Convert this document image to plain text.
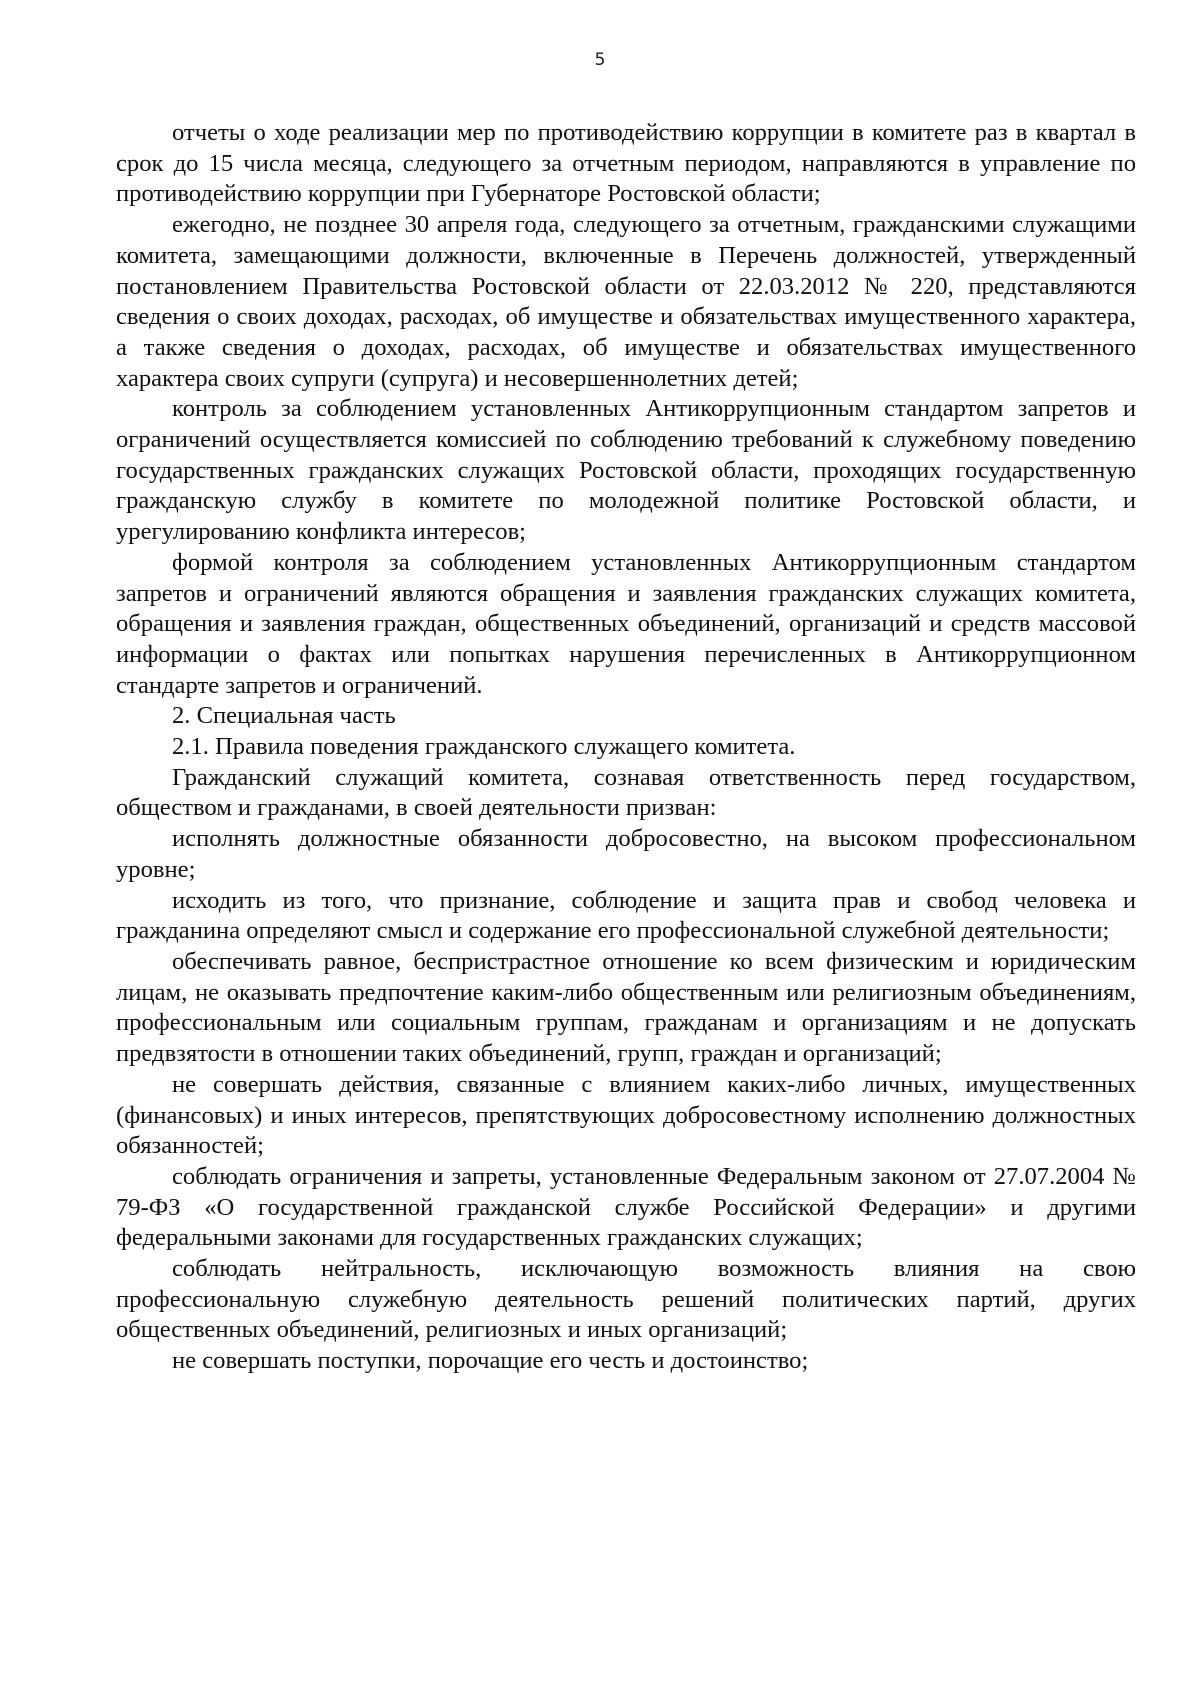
5

отчеты о ходе реализации мер по противодействию коррупции в комитете раз в квартал в срок до 15 числа месяца, следующего за отчетным периодом, направляются в управление по противодействию коррупции при Губернаторе Ростовской области;

ежегодно, не позднее 30 апреля года, следующего за отчетным, гражданскими служащими комитета, замещающими должности, включенные в Перечень должностей, утвержденный постановлением Правительства Ростовской области от 22.03.2012 № 220, представляются сведения о своих доходах, расходах, об имуществе и обязательствах имущественного характера, а также сведения о доходах, расходах, об имуществе и обязательствах имущественного характера своих супруги (супруга) и несовершеннолетних детей;

контроль за соблюдением установленных Антикоррупционным стандартом запретов и ограничений осуществляется комиссией по соблюдению требований к служебному поведению государственных гражданских служащих Ростовской области, проходящих государственную гражданскую службу в комитете по молодежной политике Ростовской области, и урегулированию конфликта интересов;

формой контроля за соблюдением установленных Антикоррупционным стандартом запретов и ограничений являются обращения и заявления гражданских служащих комитета, обращения и заявления граждан, общественных объединений, организаций и средств массовой информации о фактах или попытках нарушения перечисленных в Антикоррупционном стандарте запретов и ограничений.

2. Специальная часть

2.1. Правила поведения гражданского служащего комитета.

Гражданский служащий комитета, сознавая ответственность перед государством, обществом и гражданами, в своей деятельности призван:

исполнять должностные обязанности добросовестно, на высоком профессиональном уровне;

исходить из того, что признание, соблюдение и защита прав и свобод человека и гражданина определяют смысл и содержание его профессиональной служебной деятельности;

обеспечивать равное, беспристрастное отношение ко всем физическим и юридическим лицам, не оказывать предпочтение каким-либо общественным или религиозным объединениям, профессиональным или социальным группам, гражданам и организациям и не допускать предвзятости в отношении таких объединений, групп, граждан и организаций;

не совершать действия, связанные с влиянием каких-либо личных, имущественных (финансовых) и иных интересов, препятствующих добросовестному исполнению должностных обязанностей;

соблюдать ограничения и запреты, установленные Федеральным законом от 27.07.2004 № 79-ФЗ «О государственной гражданской службе Российской Федерации» и другими федеральными законами для государственных гражданских служащих;

соблюдать нейтральность, исключающую возможность влияния на свою профессиональную служебную деятельность решений политических партий, других общественных объединений, религиозных и иных организаций;

не совершать поступки, порочащие его честь и достоинство;
